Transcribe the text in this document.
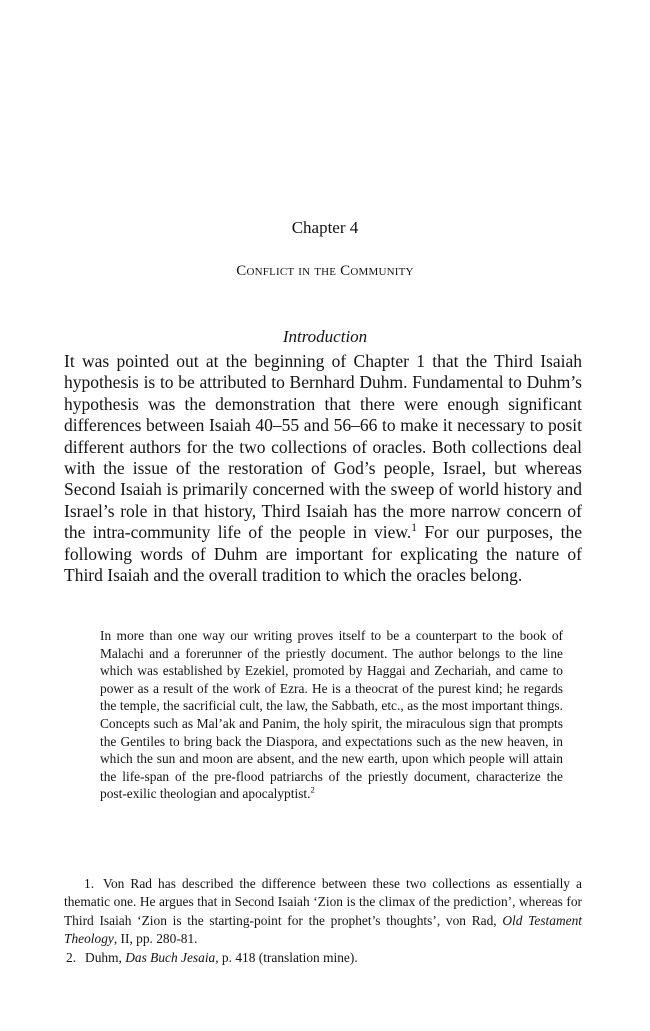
Chapter 4
Conflict in the Community
Introduction

It was pointed out at the beginning of Chapter 1 that the Third Isaiah hypothesis is to be attributed to Bernhard Duhm. Fundamental to Duhm’s hypothesis was the demonstration that there were enough significant differences between Isaiah 40–55 and 56–66 to make it necessary to posit different authors for the two collections of oracles. Both collections deal with the issue of the restoration of God’s people, Israel, but whereas Second Isaiah is primarily concerned with the sweep of world history and Israel’s role in that history, Third Isaiah has the more narrow concern of the intra-community life of the people in view.$^1$ For our purposes, the following words of Duhm are important for explicating the nature of Third Isaiah and the overall tradition to which the oracles belong.

In more than one way our writing proves itself to be a counterpart to the book of Malachi and a forerunner of the priestly document. The author belongs to the line which was established by Ezekiel, promoted by Haggai and Zechariah, and came to power as a result of the work of Ezra. He is a theocrat of the purest kind; he regards the temple, the sacrificial cult, the law, the Sabbath, etc., as the most important things. Concepts such as Mal’ak and Panim, the holy spirit, the miraculous sign that prompts the Gentiles to bring back the Diaspora, and expectations such as the new heaven, in which the sun and moon are absent, and the new earth, upon which people will attain the life-span of the pre-flood patriarchs of the priestly document, characterize the post-exilic theologian and apocalyptist.$^2$

1. Von Rad has described the difference between these two collections as essentially a thematic one. He argues that in Second Isaiah ‘Zion is the climax of the prediction’, whereas for Third Isaiah ‘Zion is the starting-point for the prophet’s thoughts’, von Rad, Old Testament Theology, II, pp. 280-81.

2. Duhm, Das Buch Jesaia, p. 418 (translation mine).
